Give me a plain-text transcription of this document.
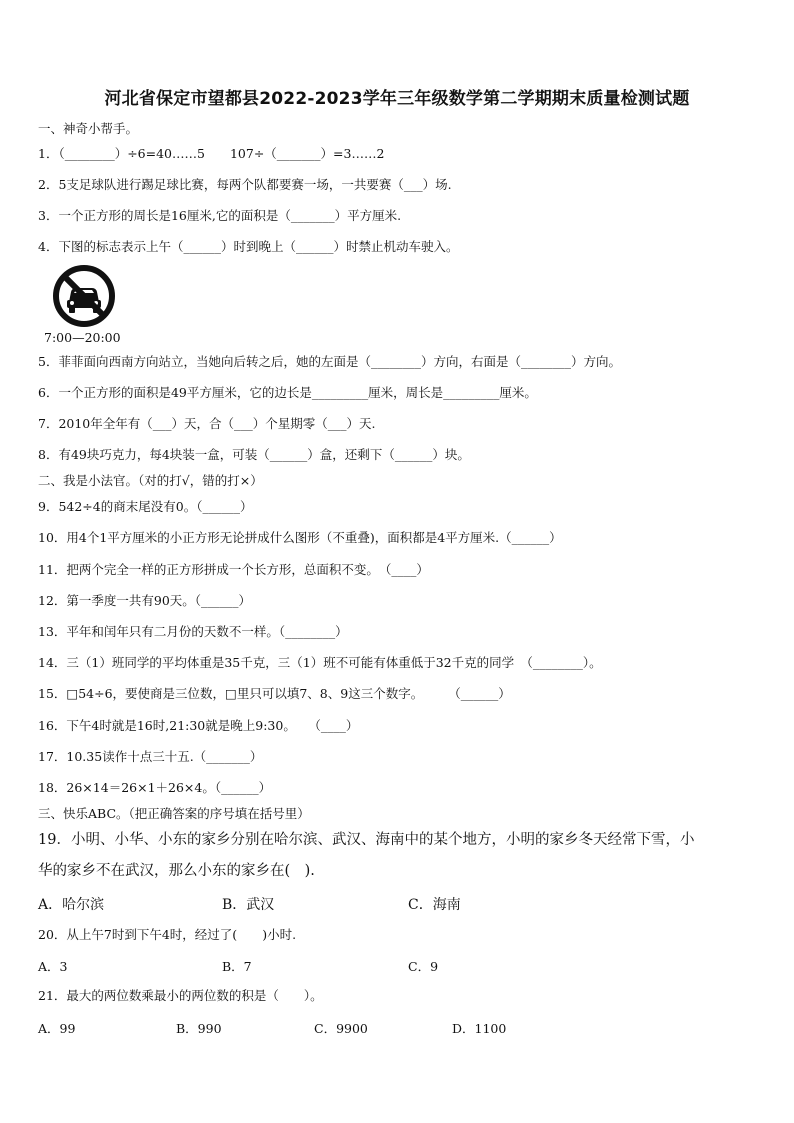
河北省保定市望都县2022-2023学年三年级数学第二学期期末质量检测试题
一、神奇小帮手。
1．（________）÷6=40……5　　107÷（_______）=3……2
2．5支足球队进行踢足球比赛，每两个队都要赛一场，一共要赛（___）场.
3．一个正方形的周长是16厘米,它的面积是（_______）平方厘米.
4．下图的标志表示上午（______）时到晚上（______）时禁止机动车驶入。
7:00—20:00
5．菲菲面向西南方向站立，当她向后转之后，她的左面是（________）方向，右面是（________）方向。
6．一个正方形的面积是49平方厘米，它的边长是_________厘米，周长是_________厘米。
7．2010年全年有（___）天，合（___）个星期零（___）天.
8．有49块巧克力，每4块装一盒，可装（______）盒，还剩下（______）块。
二、我是小法官。（对的打√，错的打×）
9．542÷4的商末尾没有0。（______）
10．用4个1平方厘米的小正方形无论拼成什么图形（不重叠)，面积都是4平方厘米.（______）
11．把两个完全一样的正方形拼成一个长方形，总面积不变。　（____）
12．第一季度一共有90天。（______）
13．平年和闰年只有二月份的天数不一样。（________）
14．三（1）班同学的平均体重是35千克，三（1）班不可能有体重低于32千克的同学　（________）。
15．□54÷6，要使商是三位数，□里只可以填7、8、9这三个数字。　　　（______）
16．下午4时就是16时,21:30就是晚上9:30。　　（____）
17．10.35读作十点三十五.（_______）
18．26×14＝26×1＋26×4。（______）
三、快乐ABC。（把正确答案的序号填在括号里）
19．小明、小华、小东的家乡分别在哈尔滨、武汉、海南中的某个地方，小明的家乡冬天经常下雪，小
华的家乡不在武汉，那么小东的家乡在(　).
A．哈尔滨	B．武汉	C．海南
20．从上午7时到下午4时，经过了(　　)小时.
A．3	B．7	C．9
21．最大的两位数乘最小的两位数的积是（　　）。
A．99	B．990	C．9900	D．1100
